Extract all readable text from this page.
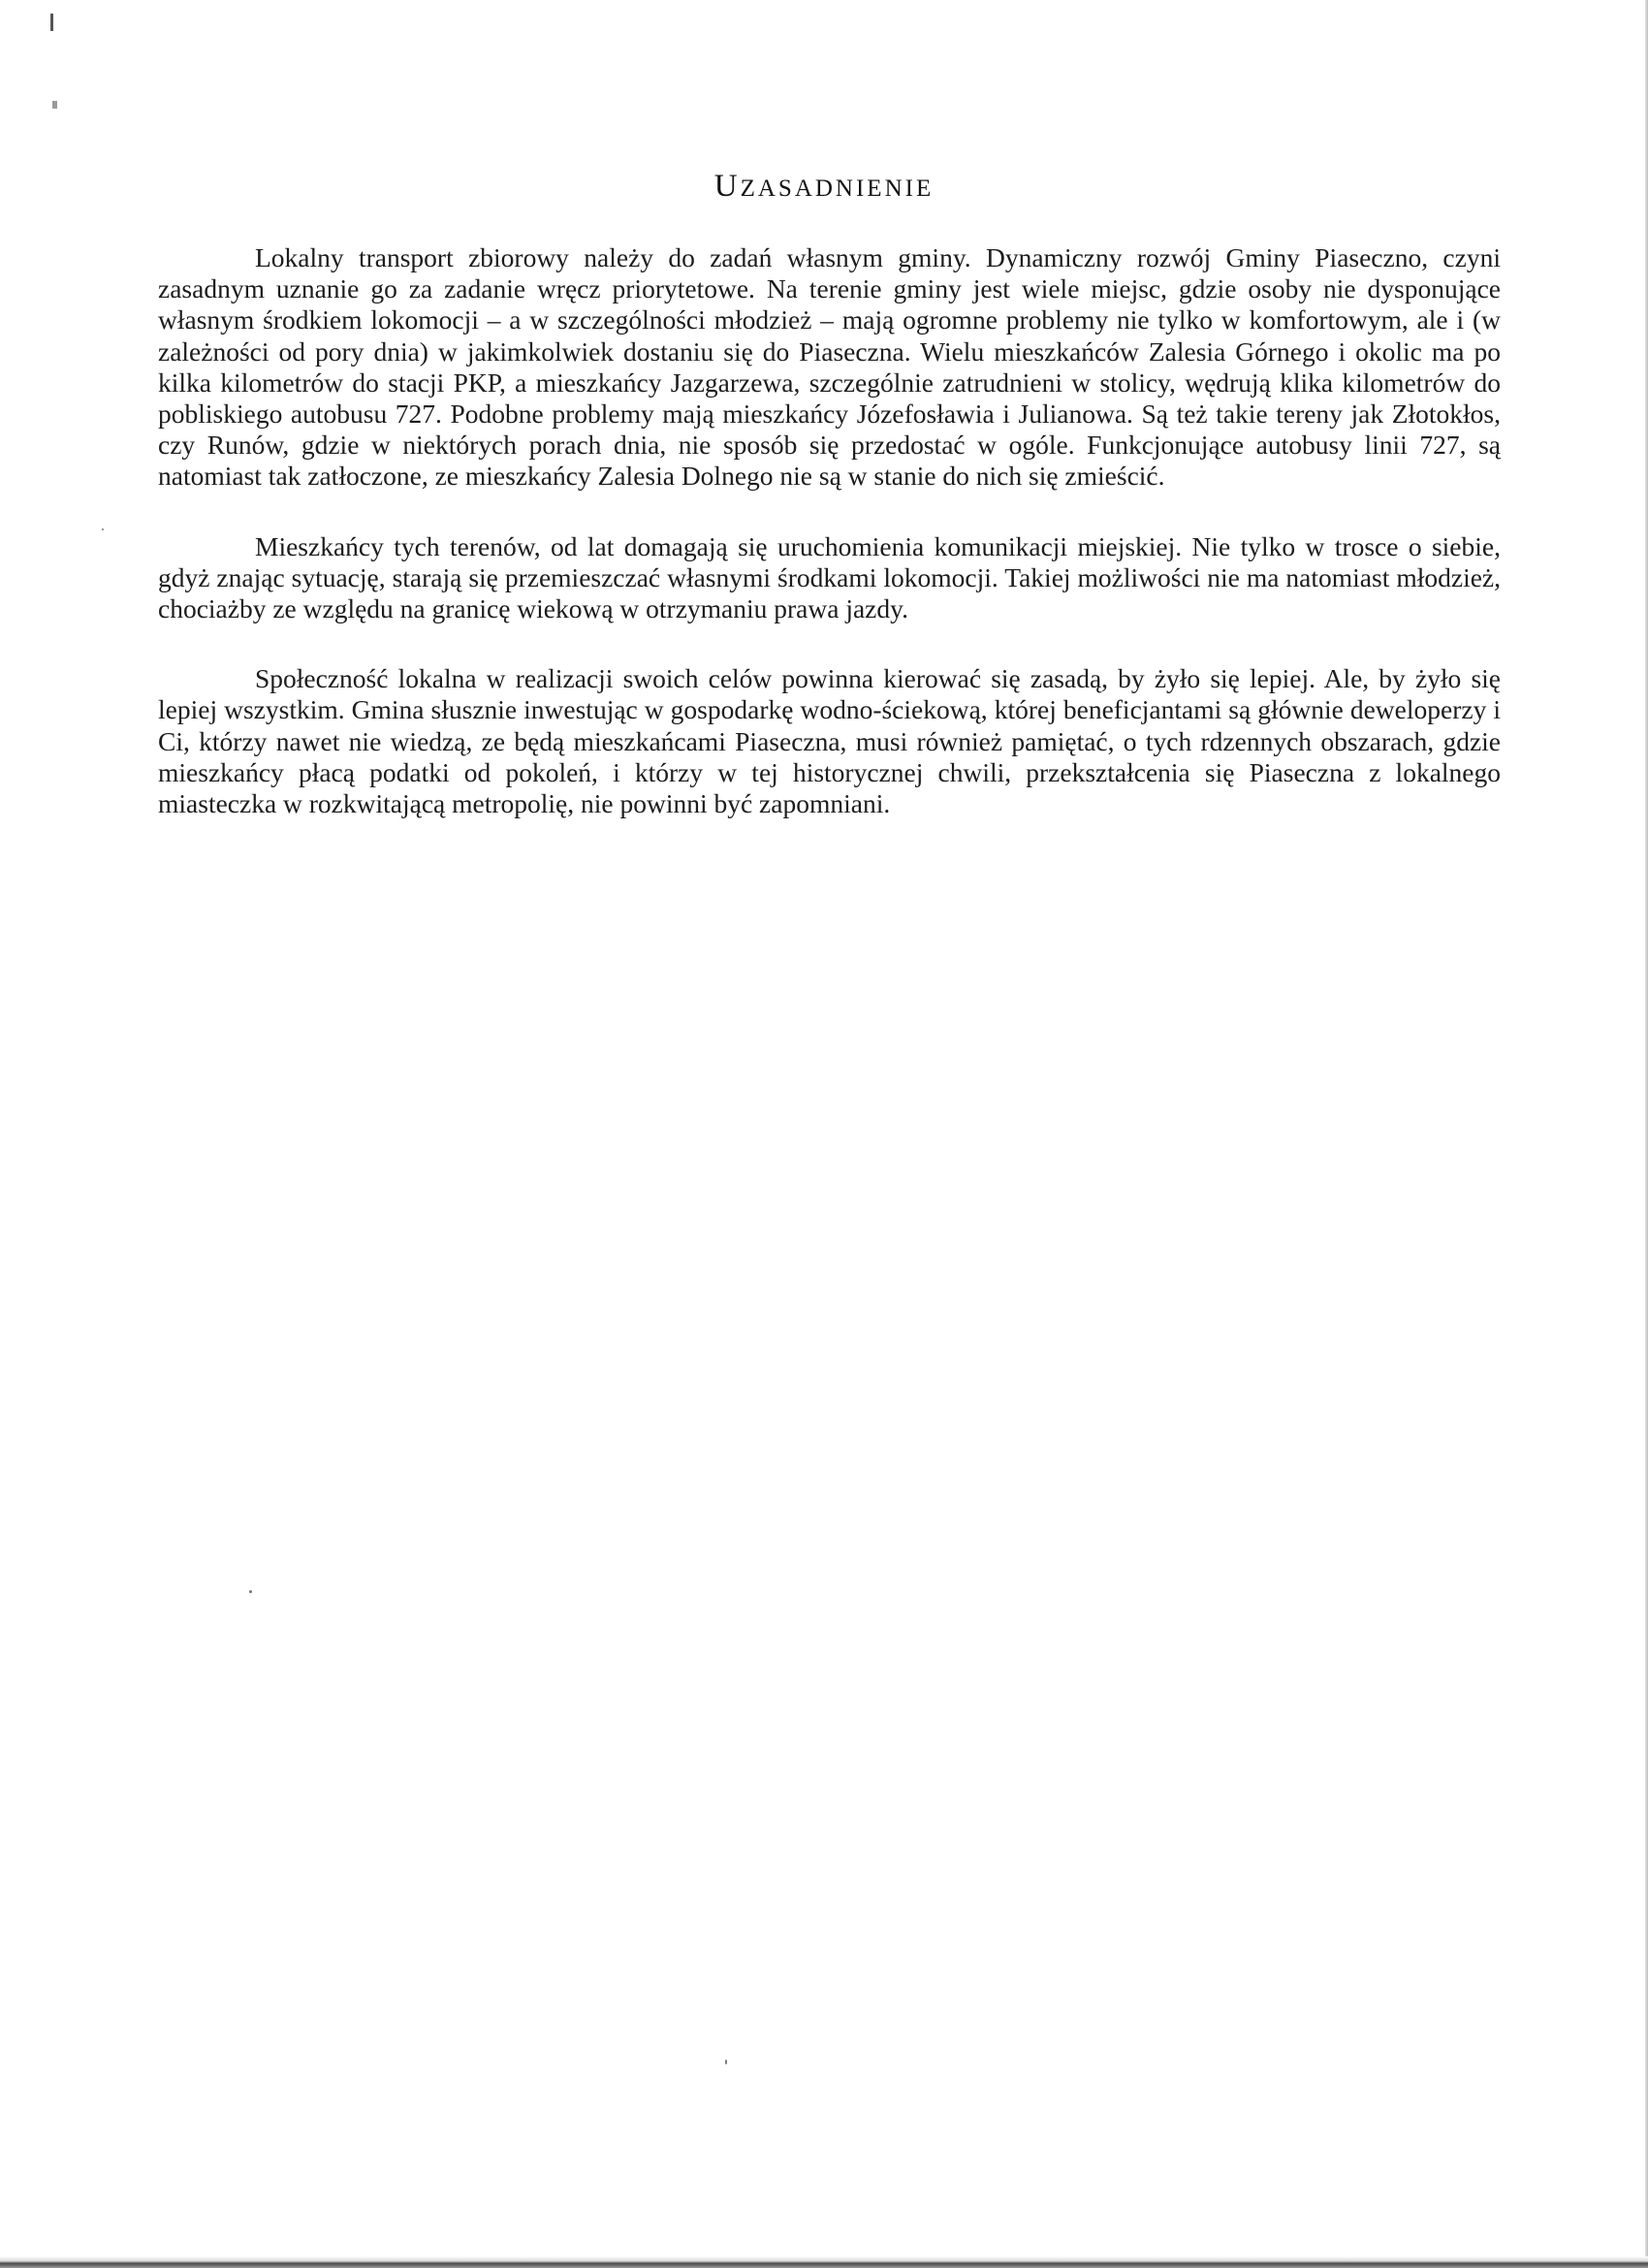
UZASADNIENIE

Lokalny transport zbiorowy należy do zadań własnym gminy. Dynamiczny rozwój Gminy Piaseczno, czyni zasadnym uznanie go za zadanie wręcz priorytetowe. Na terenie gminy jest wiele miejsc, gdzie osoby nie dysponujące własnym środkiem lokomocji – a w szczególności młodzież – mają ogromne problemy nie tylko w komfortowym, ale i (w zależności od pory dnia) w jakimkolwiek dostaniu się do Piaseczna. Wielu mieszkańców Zalesia Górnego i okolic ma po kilka kilometrów do stacji PKP, a mieszkańcy Jazgarzewa, szczególnie zatrudnieni w stolicy, wędrują klika kilometrów do pobliskiego autobusu 727. Podobne problemy mają mieszkańcy Józefosławia i Julianowa. Są też takie tereny jak Złotokłos, czy Runów, gdzie w niektórych porach dnia, nie sposób się przedostać w ogóle. Funkcjonujące autobusy linii 727, są natomiast tak zatłoczone, ze mieszkańcy Zalesia Dolnego nie są w stanie do nich się zmieścić.

Mieszkańcy tych terenów, od lat domagają się uruchomienia komunikacji miejskiej. Nie tylko w trosce o siebie, gdyż znając sytuację, starają się przemieszczać własnymi środkami lokomocji. Takiej możliwości nie ma natomiast młodzież, chociażby ze względu na granicę wiekową w otrzymaniu prawa jazdy.

Społeczność lokalna w realizacji swoich celów powinna kierować się zasadą, by żyło się lepiej. Ale, by żyło się lepiej wszystkim. Gmina słusznie inwestując w gospodarkę wodno-ściekową, której beneficjantami są głównie deweloperzy i Ci, którzy nawet nie wiedzą, ze będą mieszkańcami Piaseczna, musi również pamiętać, o tych rdzennych obszarach, gdzie mieszkańcy płacą podatki od pokoleń, i którzy w tej historycznej chwili, przekształcenia się Piaseczna z lokalnego miasteczka w rozkwitającą metropolię, nie powinni być zapomniani.
